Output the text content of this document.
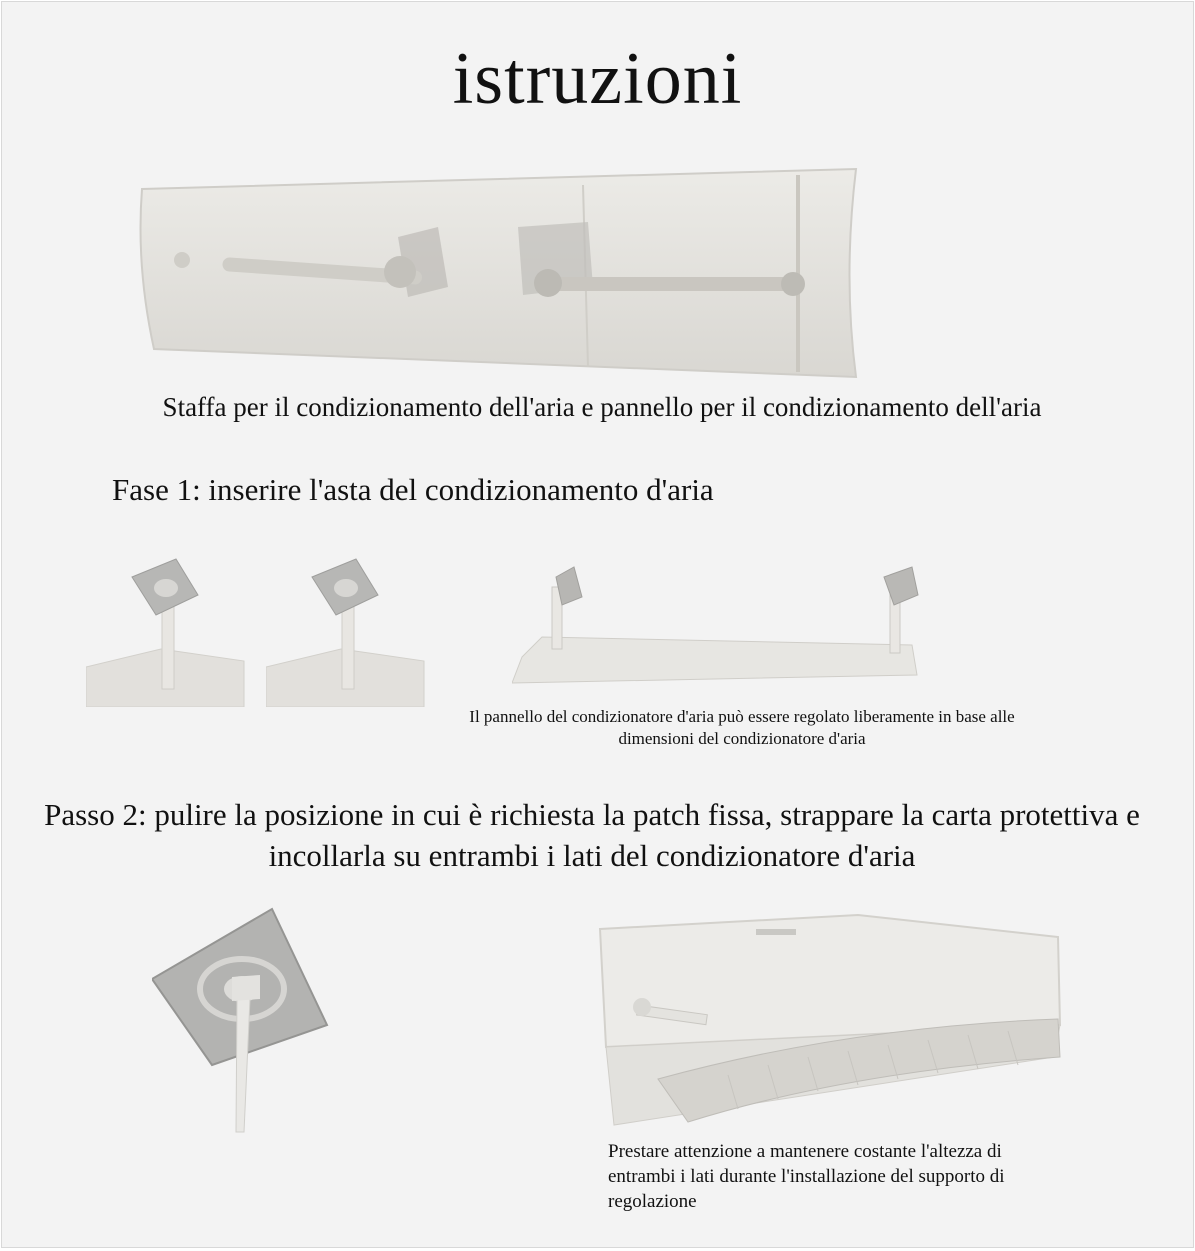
istruzioni
Staffa per il condizionamento dell'aria e pannello per il condizionamento dell'aria
Fase 1: inserire l'asta del condizionamento d'aria
Il pannello del condizionatore d'aria può essere regolato liberamente in base alle dimensioni del condizionatore d'aria
Passo 2: pulire la posizione in cui è richiesta la patch fissa, strappare la carta protettiva e incollarla su entrambi i lati del condizionatore d'aria
Prestare attenzione a mantenere costante l'altezza di entrambi i lati durante l'installazione del supporto di regolazione
